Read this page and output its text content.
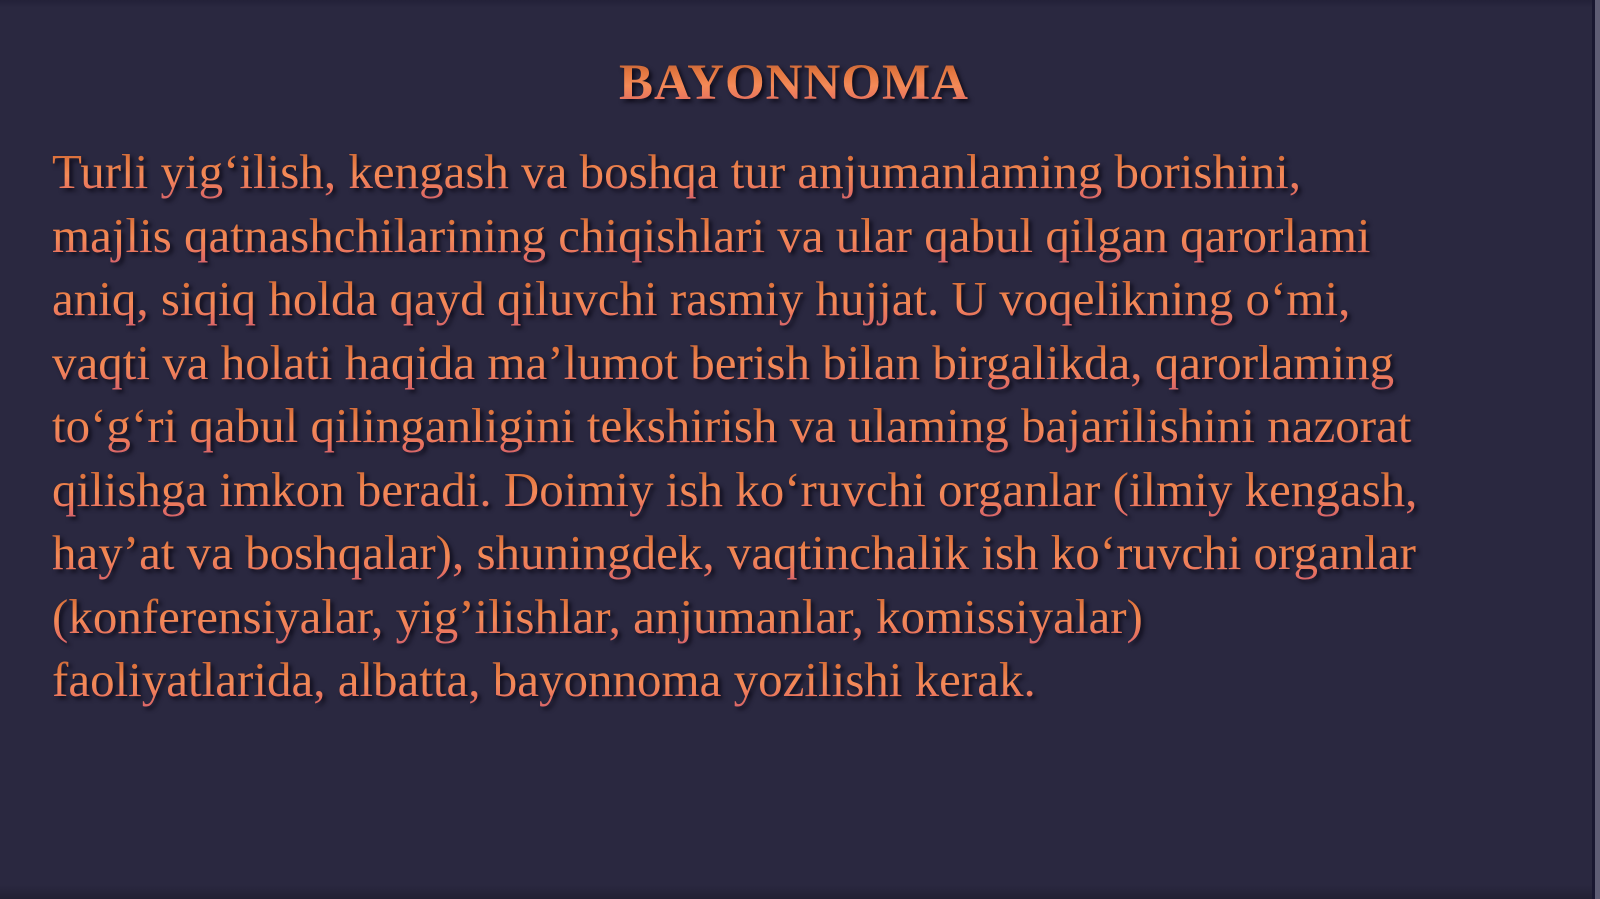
BAYONNOMA
Turli yig‘ilish, kengash va boshqa tur anjumanlaming borishini,
majlis qatnashchilarining chiqishlari va ular qabul qilgan qarorlami
aniq, siqiq holda qayd qiluvchi rasmiy hujjat. U voqelikning o‘mi,
vaqti va holati haqida ma’lumot berish bilan birgalikda, qarorlaming
to‘g‘ri qabul qilinganligini tekshirish va ulaming bajarilishini nazorat
qilishga imkon beradi. Doimiy ish ko‘ruvchi organlar (ilmiy kengash,
hay’at va boshqalar), shuningdek, vaqtinchalik ish ko‘ruvchi organlar
(konferensiyalar, yig’ilishlar, anjumanlar, komissiyalar)
faoliyatlarida, albatta, bayonnoma yozilishi kerak.
